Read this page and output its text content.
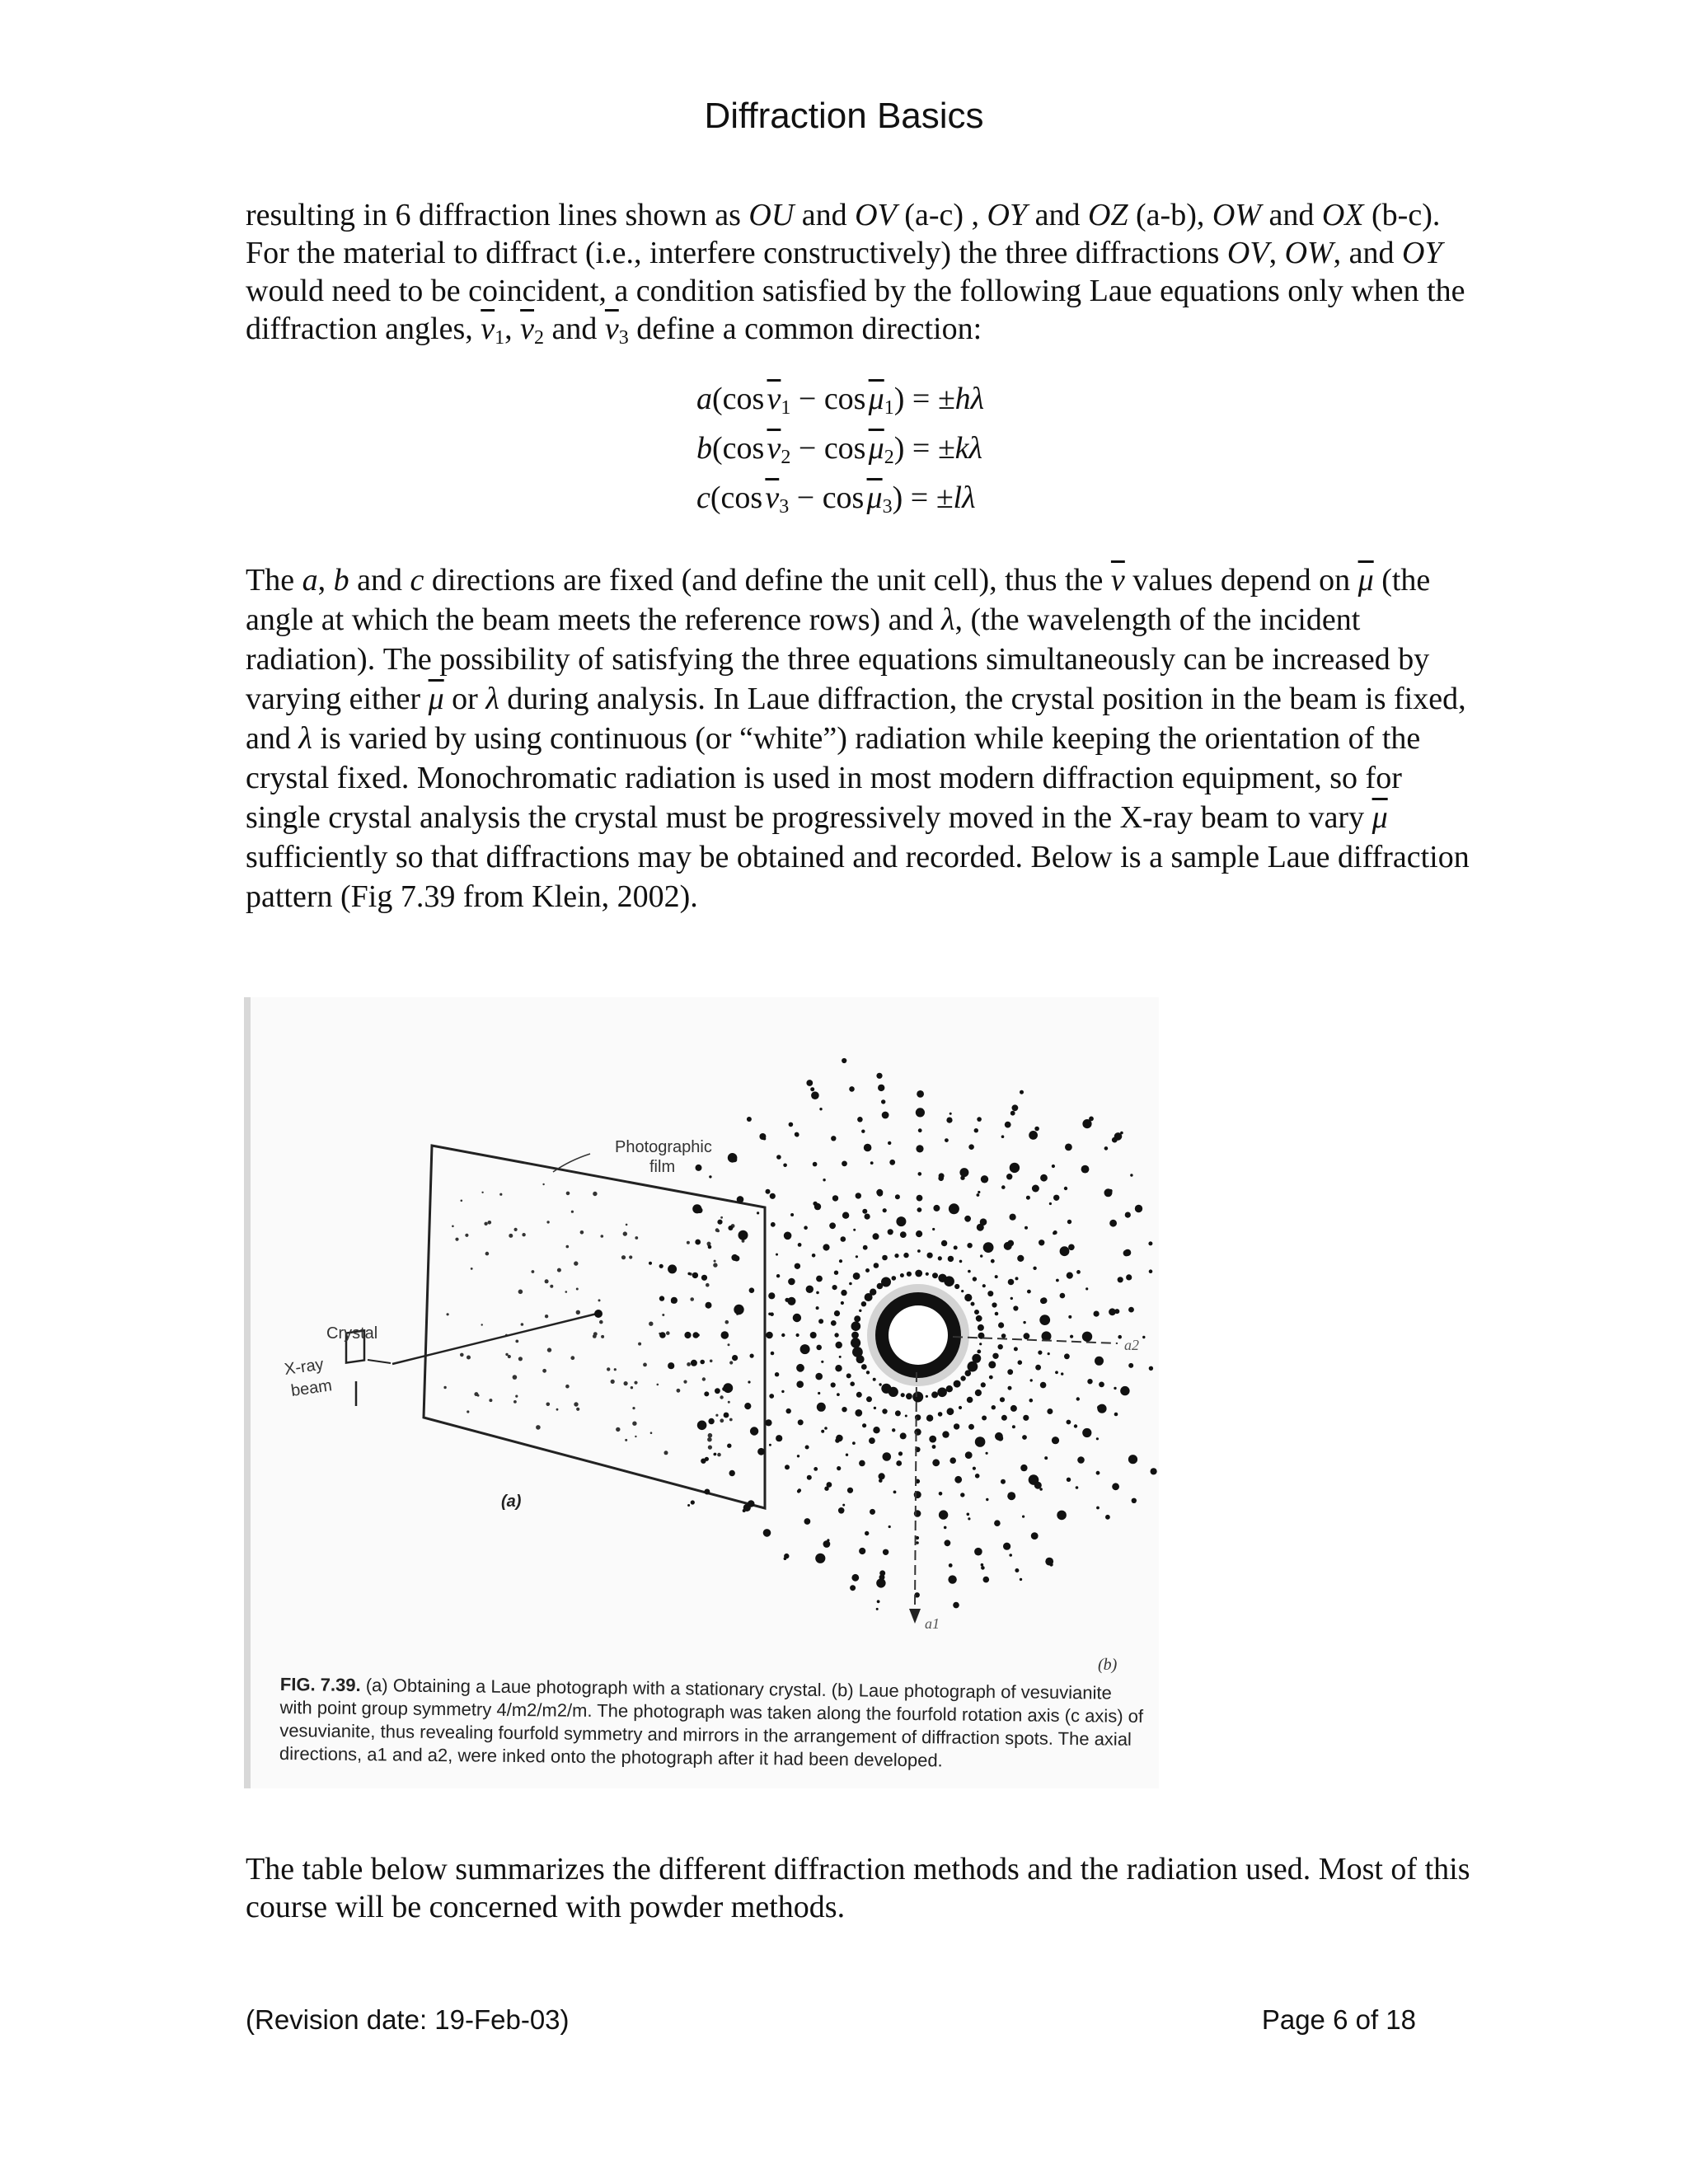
Diffraction Basics
resulting in 6 diffraction lines shown as OU and OV (a-c) , OY and OZ (a-b), OW and OX (b-c). For the material to diffract (i.e., interfere constructively) the three diffractions OV, OW, and OY would need to be coincident, a condition satisfied by the following Laue equations only when the diffraction angles, $\overline{\nu}_1$, $\overline{\nu}_2$ and $\overline{\nu}_3$ define a common direction:
a(cos $\overline{\nu}_1 - \cos$ $\overline{\mu}_1) = \pm h\lambda$
b(cos $\overline{\nu}_2 - \cos$ $\overline{\mu}_2) = \pm k\lambda$
c(cos $\overline{\nu}_3 - \cos$ $\overline{\mu}_3) = \pm l\lambda$
The a, b and c directions are fixed (and define the unit cell), thus the $\overline{\nu}$ values depend on $\overline{\mu}$ (the angle at which the beam meets the reference rows) and λ, (the wavelength of the incident radiation). The possibility of satisfying the three equations simultaneously can be increased by varying either $\overline{\mu}$ or λ during analysis. In Laue diffraction, the crystal position in the beam is fixed, and λ is varied by using continuous (or “white”) radiation while keeping the orientation of the crystal fixed. Monochromatic radiation is used in most modern diffraction equipment, so for single crystal analysis the crystal must be progressively moved in the X-ray beam to vary $\overline{\mu}$ sufficiently so that diffractions may be obtained and recorded. Below is a sample Laue diffraction pattern (Fig 7.39 from Klein, 2002).
Photographic
film
Crystal
X-ray
beam
(a)
a2
a1
(b)
FIG. 7.39. (a) Obtaining a Laue photograph with a stationary crystal. (b) Laue photograph of vesuvianite with point group symmetry 4/m2/m2/m. The photograph was taken along the fourfold rotation axis (c axis) of vesuvianite, thus revealing fourfold symmetry and mirrors in the arrangement of diffraction spots. The axial directions, a1 and a2, were inked onto the photograph after it had been developed.
The table below summarizes the different diffraction methods and the radiation used. Most of this course will be concerned with powder methods.
(Revision date: 19-Feb-03)	Page 6 of 18
